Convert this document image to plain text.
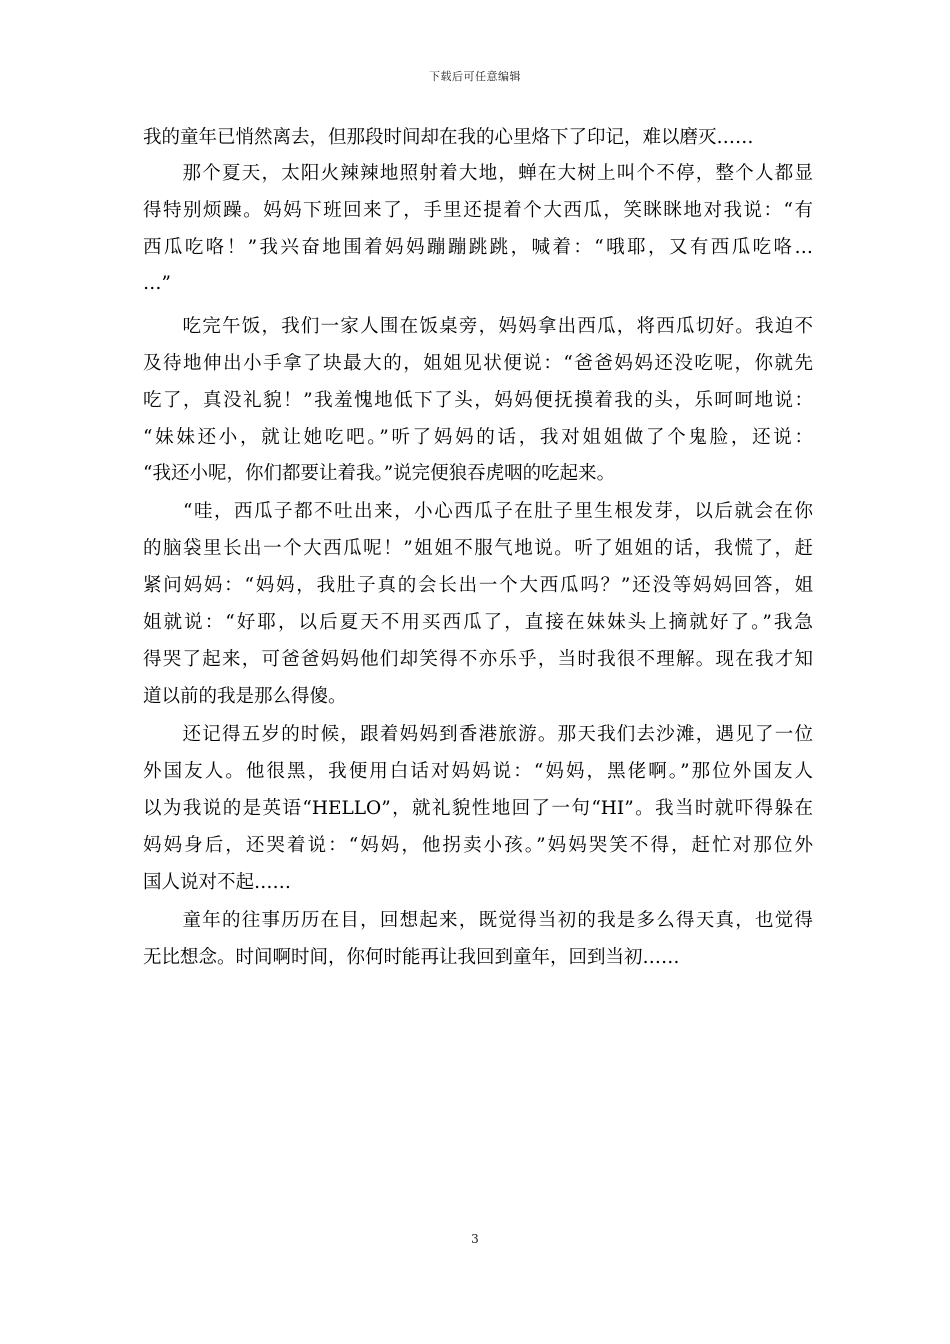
下载后可任意编辑
我的童年已悄然离去，但那段时间却在我的心里烙下了印记，难以磨灭……
　　那个夏天，太阳火辣辣地照射着大地，蝉在大树上叫个不停，整个人都显
得特别烦躁。妈妈下班回来了，手里还提着个大西瓜，笑眯眯地对我说：“有
西瓜吃咯！”我兴奋地围着妈妈蹦蹦跳跳，喊着：“哦耶，又有西瓜吃咯…
…”
　　吃完午饭，我们一家人围在饭桌旁，妈妈拿出西瓜，将西瓜切好。我迫不
及待地伸出小手拿了块最大的，姐姐见状便说：“爸爸妈妈还没吃呢，你就先
吃了，真没礼貌！”我羞愧地低下了头，妈妈便抚摸着我的头，乐呵呵地说：
“妹妹还小，就让她吃吧。”听了妈妈的话，我对姐姐做了个鬼脸，还说：
“我还小呢，你们都要让着我。”说完便狼吞虎咽的吃起来。
　　“哇，西瓜子都不吐出来，小心西瓜子在肚子里生根发芽，以后就会在你
的脑袋里长出一个大西瓜呢！”姐姐不服气地说。听了姐姐的话，我慌了，赶
紧问妈妈：“妈妈，我肚子真的会长出一个大西瓜吗？”还没等妈妈回答，姐
姐就说：“好耶，以后夏天不用买西瓜了，直接在妹妹头上摘就好了。”我急
得哭了起来，可爸爸妈妈他们却笑得不亦乐乎，当时我很不理解。现在我才知
道以前的我是那么得傻。
　　还记得五岁的时候，跟着妈妈到香港旅游。那天我们去沙滩，遇见了一位
外国友人。他很黑，我便用白话对妈妈说：“妈妈，黑佬啊。”那位外国友人
以为我说的是英语“HELLO”，就礼貌性地回了一句“HI”。我当时就吓得躲在
妈妈身后，还哭着说：“妈妈，他拐卖小孩。”妈妈哭笑不得，赶忙对那位外
国人说对不起……
　　童年的往事历历在目，回想起来，既觉得当初的我是多么得天真，也觉得
无比想念。时间啊时间，你何时能再让我回到童年，回到当初……
3
